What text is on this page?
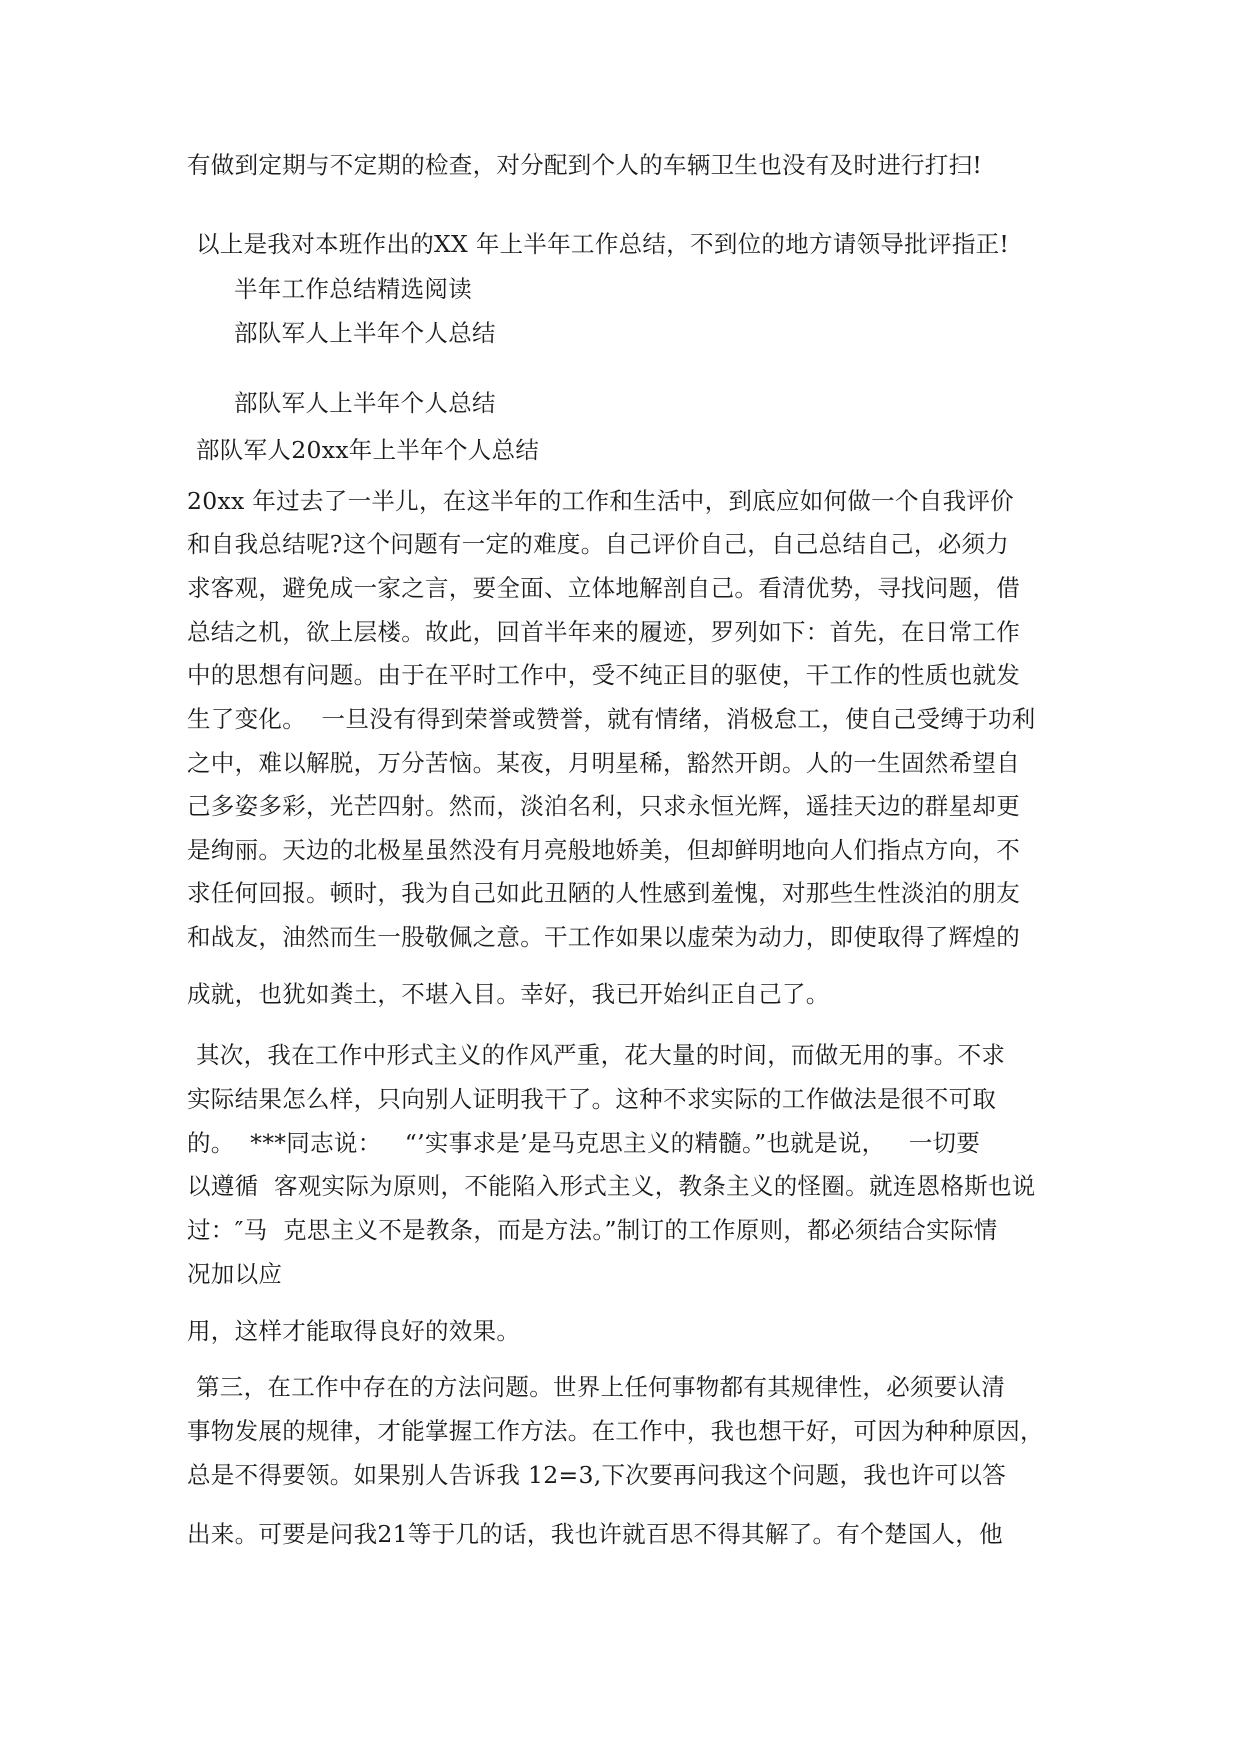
有做到定期与不定期的检查，对分配到个人的车辆卫生也没有及时进行打扫!
以上是我对本班作出的XX 年上半年工作总结，不到位的地方请领导批评指正!
半年工作总结精选阅读
部队军人上半年个人总结
部队军人上半年个人总结
部队军人20xx年上半年个人总结
20xx 年过去了一半儿，在这半年的工作和生活中，到底应如何做一个自我评价
和自我总结呢?这个问题有一定的难度。自己评价自己，自己总结自己，必须力
求客观，避免成一家之言，要全面、立体地解剖自己。看清优势，寻找问题，借
总结之机，欲上层楼。故此，回首半年来的履迹，罗列如下：首先，在日常工作
中的思想有问题。由于在平时工作中，受不纯正目的驱使，干工作的性质也就发
生了变化。  一旦没有得到荣誉或赞誉，就有情绪，消极怠工，使自己受缚于功利
之中，难以解脱，万分苦恼。某夜，月明星稀，豁然开朗。人的一生固然希望自
己多姿多彩，光芒四射。然而，淡泊名利，只求永恒光辉，遥挂天边的群星却更
是绚丽。天边的北极星虽然没有月亮般地娇美，但却鲜明地向人们指点方向，不
求任何回报。顿时，我为自己如此丑陋的人性感到羞愧，对那些生性淡泊的朋友
和战友，油然而生一股敬佩之意。干工作如果以虚荣为动力，即使取得了辉煌的
成就，也犹如粪土，不堪入目。幸好，我已开始纠正自己了。
其次，我在工作中形式主义的作风严重，花大量的时间，而做无用的事。不求
实际结果怎么样，只向别人证明我干了。这种不求实际的工作做法是很不可取
的。  ***同志说：   “’实事求是’是马克思主义的精髓。”也就是说，   一切要
以遵循  客观实际为原则，不能陷入形式主义，教条主义的怪圈。就连恩格斯也说
过：″马  克思主义不是教条，而是方法。”制订的工作原则，都必须结合实际情
况加以应
用，这样才能取得良好的效果。
第三，在工作中存在的方法问题。世界上任何事物都有其规律性，必须要认清
事物发展的规律，才能掌握工作方法。在工作中，我也想干好，可因为种种原因，
总是不得要领。如果别人告诉我 12=3,下次要再问我这个问题，我也许可以答
出来。可要是问我21等于几的话，我也许就百思不得其解了。有个楚国人，他
